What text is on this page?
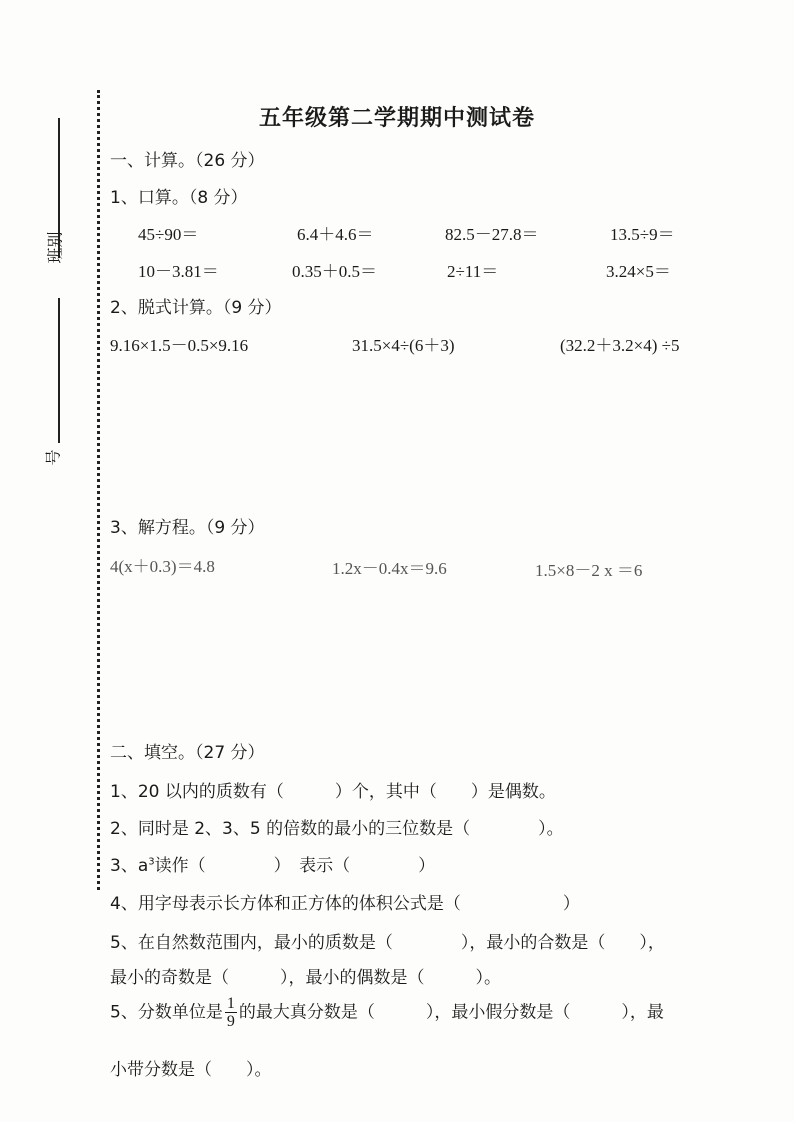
班别
号
五年级第二学期期中测试卷
一、计算。（26 分）
1、口算。（8 分）
45÷90＝	6.4＋4.6＝	82.5－27.8＝	13.5÷9＝
10－3.81＝	0.35＋0.5＝	2÷11＝	3.24×5＝
2、脱式计算。（9 分）
9.16×1.5－0.5×9.16	31.5×4÷(6＋3)	(32.2＋3.2×4) ÷5
3、解方程。（9 分）
4(x＋0.3)＝4.8	1.2x－0.4x＝9.6	1.5×8－2 x ＝6
二、填空。（27 分）
1、20 以内的质数有（　　　）个，其中（　　）是偶数。
2、同时是 2、3、5 的倍数的最小的三位数是（　　　　）。
3、$a^3$读作（　　　　）　表示（　　　　）
4、用字母表示长方体和正方体的体积公式是（　　　　　　）
5、在自然数范围内，最小的质数是（　　　　），最小的合数是（　　），
最小的奇数是（　　　），最小的偶数是（　　　）。
5、分数单位是 $\frac{1}{9}$ 的最大真分数是（　　　），最小假分数是（　　　），最
小带分数是（　　）。
